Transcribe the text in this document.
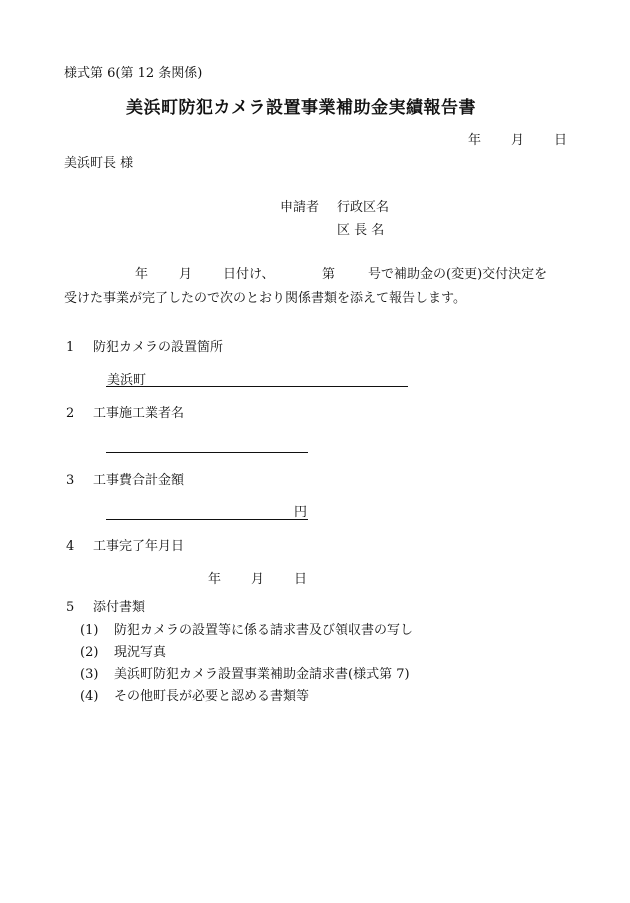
様式第 6(第 12 条関係)
美浜町防犯カメラ設置事業補助金実績報告書
年 月 日
美浜町長 様
申請者 行政区名
区 長 名
年 月 日付け、	第	号で補助金の(変更)交付決定を
受けた事業が完了したので次のとおり関係書類を添えて報告します。
1 防犯カメラの設置箇所
美浜町
2 工事施工業者名
3 工事費合計金額
円
4 工事完了年月日
年 月 日
5 添付書類
(1) 防犯カメラの設置等に係る請求書及び領収書の写し
(2) 現況写真
(3) 美浜町防犯カメラ設置事業補助金請求書(様式第 7)
(4) その他町長が必要と認める書類等
